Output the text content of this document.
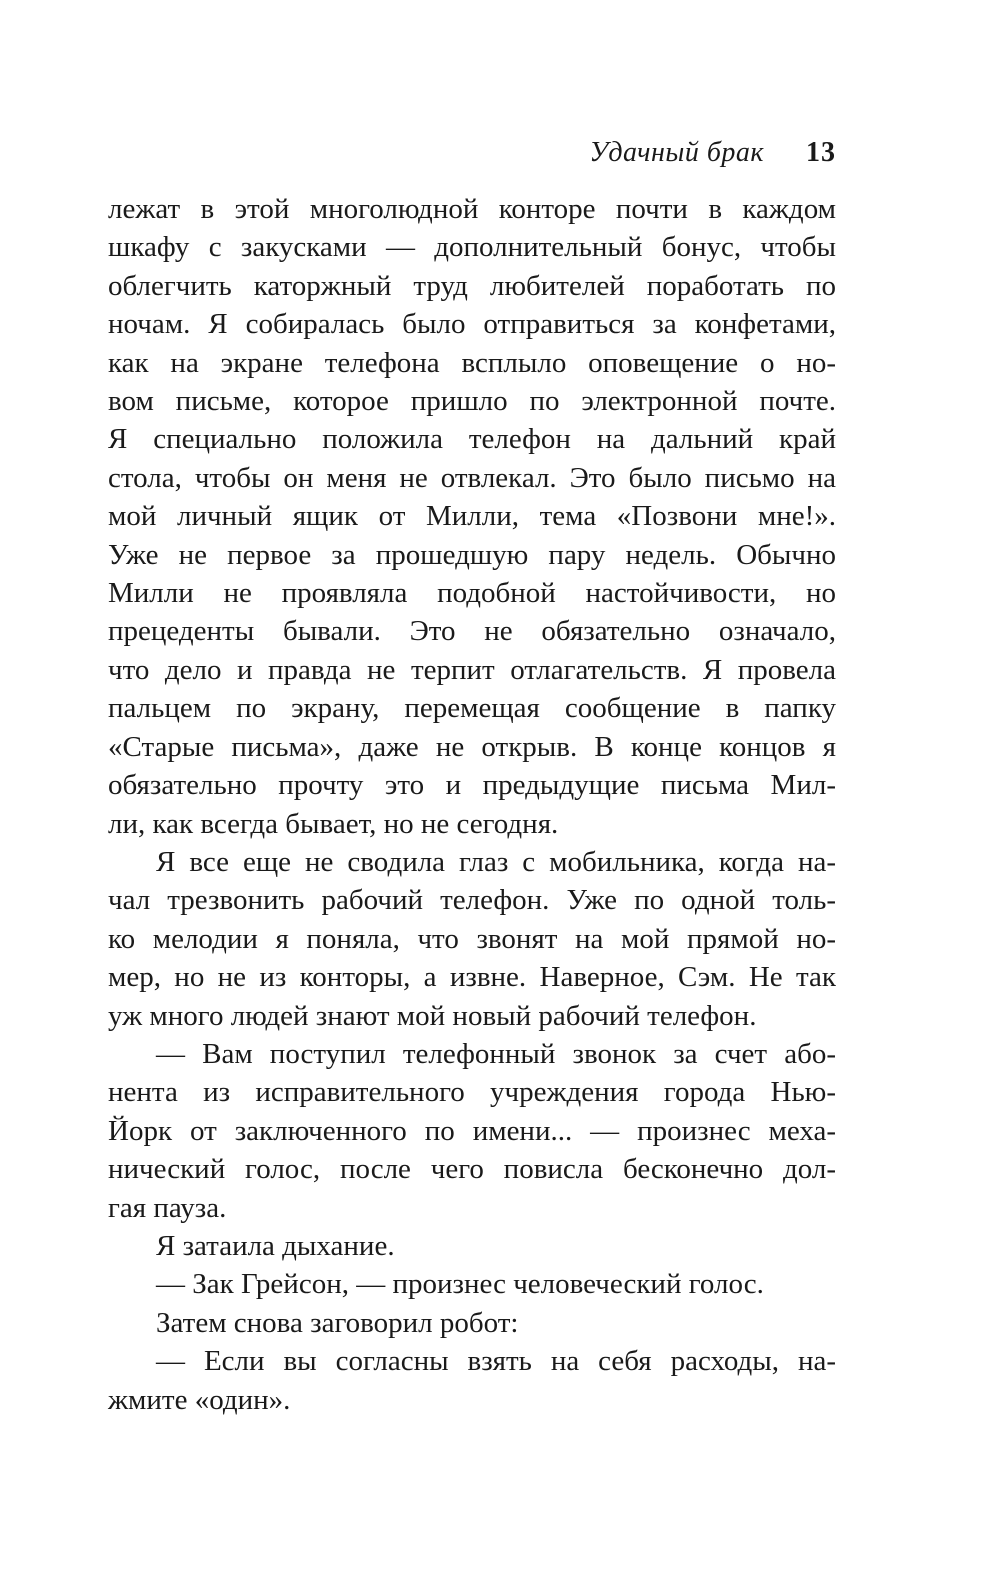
Удачный брак 13
лежат в этой многолюдной конторе почти в каждом
шкафу с закусками — дополнительный бонус, чтобы
облегчить каторжный труд любителей поработать по
ночам. Я собиралась было отправиться за конфетами,
как на экране телефона всплыло оповещение о но-
вом письме, которое пришло по электронной почте.
Я специально положила телефон на дальний край
стола, чтобы он меня не отвлекал. Это было письмо на
мой личный ящик от Милли, тема «Позвони мне!».
Уже не первое за прошедшую пару недель. Обычно
Милли не проявляла подобной настойчивости, но
прецеденты бывали. Это не обязательно означало,
что дело и правда не терпит отлагательств. Я провела
пальцем по экрану, перемещая сообщение в папку
«Старые письма», даже не открыв. В конце концов я
обязательно прочту это и предыдущие письма Мил-
ли, как всегда бывает, но не сегодня.
Я все еще не сводила глаз с мобильника, когда на-
чал трезвонить рабочий телефон. Уже по одной толь-
ко мелодии я поняла, что звонят на мой прямой но-
мер, но не из конторы, а извне. Наверное, Сэм. Не так
уж много людей знают мой новый рабочий телефон.
— Вам поступил телефонный звонок за счет або-
нента из исправительного учреждения города Нью-
Йорк от заключенного по имени... — произнес меха-
нический голос, после чего повисла бесконечно дол-
гая пауза.
Я затаила дыхание.
— Зак Грейсон, — произнес человеческий голос.
Затем снова заговорил робот:
— Если вы согласны взять на себя расходы, на-
жмите «один».
